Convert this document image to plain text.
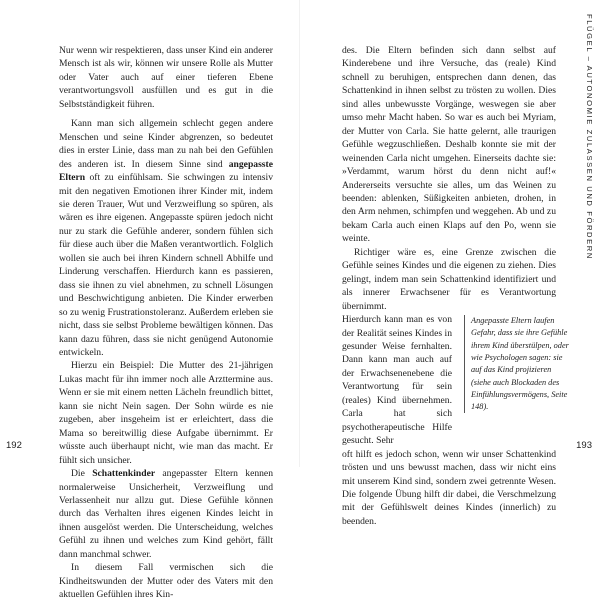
Nur wenn wir respektieren, dass unser Kind ein anderer Mensch ist als wir, können wir unsere Rolle als Mutter oder Vater auch auf einer tieferen Ebene verantwortungsvoll ausfüllen und es gut in die Selbstständigkeit führen.

Kann man sich allgemein schlecht gegen andere Menschen und seine Kinder abgrenzen, so bedeutet dies in erster Linie, dass man zu nah bei den Gefühlen des anderen ist. In diesem Sinne sind angepasste Eltern oft zu einfühlsam. Sie schwingen zu intensiv mit den negativen Emotionen ihrer Kinder mit, indem sie deren Trauer, Wut und Verzweiflung so spüren, als wären es ihre eigenen. Angepasste spüren jedoch nicht nur zu stark die Gefühle anderer, sondern fühlen sich für diese auch über die Maßen verantwortlich. Folglich wollen sie auch bei ihren Kindern schnell Abhilfe und Linderung verschaffen. Hierdurch kann es passieren, dass sie ihnen zu viel abnehmen, zu schnell Lösungen und Beschwichtigung anbieten. Die Kinder erwerben so zu wenig Frustrationstoleranz. Außerdem erleben sie nicht, dass sie selbst Probleme bewältigen können. Das kann dazu führen, dass sie nicht genügend Autonomie entwickeln.

Hierzu ein Beispiel: Die Mutter des 21-jährigen Lukas macht für ihn immer noch alle Arzttermine aus. Wenn er sie mit einem netten Lächeln freundlich bittet, kann sie nicht Nein sagen. Der Sohn würde es nie zugeben, aber insgeheim ist er erleichtert, dass die Mama so bereitwillig diese Aufgabe übernimmt. Er wüsste auch überhaupt nicht, wie man das macht. Er fühlt sich unsicher.

Die Schattenkinder angepasster Eltern kennen normalerweise Unsicherheit, Verzweiflung und Verlassenheit nur allzu gut. Diese Gefühle können durch das Verhalten ihres eigenen Kindes leicht in ihnen ausgelöst werden. Die Unterscheidung, welches Gefühl zu ihnen und welches zum Kind gehört, fällt dann manchmal schwer.

In diesem Fall vermischen sich die Kindheitswunden der Mutter oder des Vaters mit den aktuellen Gefühlen ihres Kin-

192

des. Die Eltern befinden sich dann selbst auf Kinderebene und ihre Versuche, das (reale) Kind schnell zu beruhigen, entsprechen dann denen, das Schattenkind in ihnen selbst zu trösten zu wollen. Dies sind alles unbewusste Vorgänge, weswegen sie aber umso mehr Macht haben. So war es auch bei Myriam, der Mutter von Carla. Sie hatte gelernt, alle traurigen Gefühle wegzuschließen. Deshalb konnte sie mit der weinenden Carla nicht umgehen. Einerseits dachte sie: »Verdammt, warum hörst du denn nicht auf!« Andererseits versuchte sie alles, um das Weinen zu beenden: ablenken, Süßigkeiten anbieten, drohen, in den Arm nehmen, schimpfen und weggehen. Ab und zu bekam Carla auch einen Klaps auf den Po, wenn sie weinte.

Richtiger wäre es, eine Grenze zwischen die Gefühle seines Kindes und die eigenen zu ziehen. Dies gelingt, indem man sein Schattenkind identifiziert und als innerer Erwachsener für es Verantwortung übernimmt.

Hierdurch kann man es von der Realität seines Kindes in gesunder Weise fernhalten. Dann kann man auch auf der Erwachsenenebene die Verantwortung für sein (reales) Kind übernehmen. Carla hat sich psychotherapeutische Hilfe gesucht. Sehr

Angepasste Eltern laufen Gefahr, dass sie ihre Gefühle ihrem Kind überstülpen, oder wie Psychologen sagen: sie auf das Kind projizieren (siehe auch Blockaden des Einfühlungsvermögens, Seite 148).

oft hilft es jedoch schon, wenn wir unser Schattenkind trösten und uns bewusst machen, dass wir nicht eins mit unserem Kind sind, sondern zwei getrennte Wesen. Die folgende Übung hilft dir dabei, die Verschmelzung mit der Gefühlswelt deines Kindes (innerlich) zu beenden.

193
FLÜGEL – AUTONOMIE ZULASSEN UND FÖRDERN
